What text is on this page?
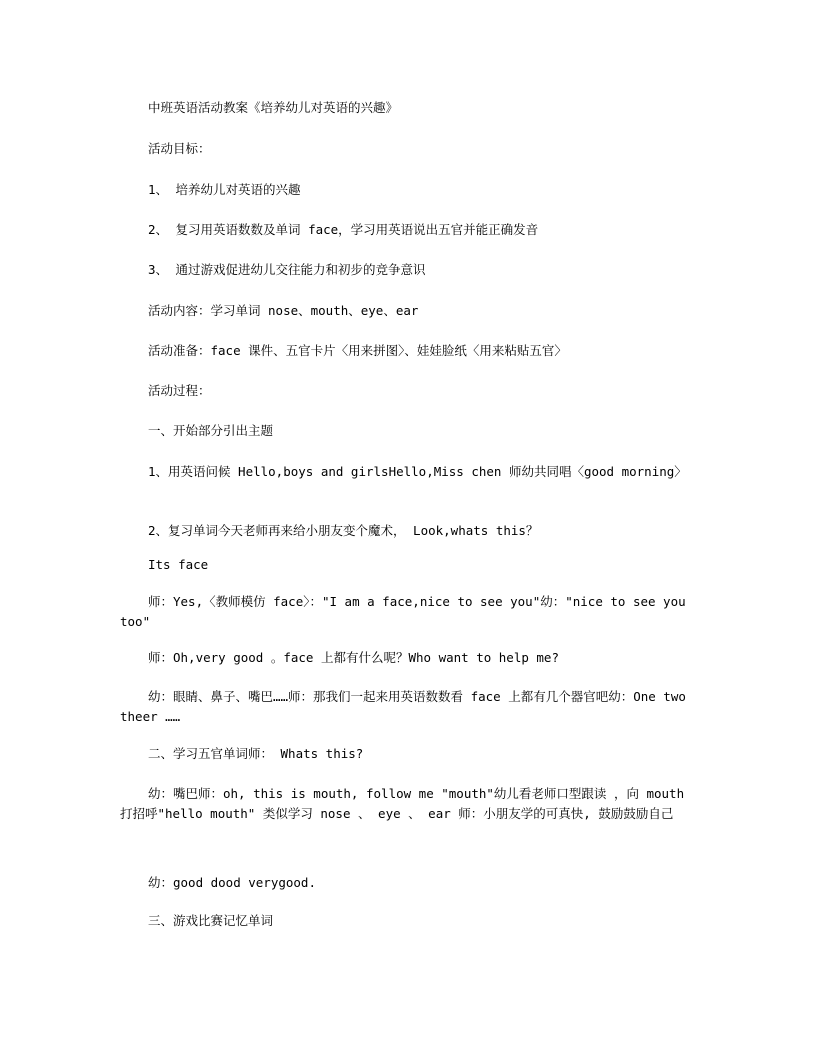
中班英语活动教案《培养幼儿对英语的兴趣》

活动目标：

1、 培养幼儿对英语的兴趣

2、 复习用英语数数及单词 face，学习用英语说出五官并能正确发音

3、 通过游戏促进幼儿交往能力和初步的竞争意识

活动内容：学习单词 nose、mouth、eye、ear

活动准备：face 课件、五官卡片〈用来拼图〉、娃娃脸纸〈用来粘贴五官〉

活动过程：

一、开始部分引出主题

1、用英语问候 Hello,boys and girlsHello,Miss chen 师幼共同唱〈good morning〉

2、复习单词今天老师再来给小朋友变个魔术， Look,whats this？

Its face

师：Yes,〈教师模仿 face〉："I am a face,nice to see you"幼："nice to see you too"

师：Oh,very good 。face 上都有什么呢？Who want to help me?

幼：眼睛、鼻子、嘴巴……师：那我们一起来用英语数数看 face 上都有几个器官吧幼：One two theer ……

二、学习五官单词师： Whats this?

幼：嘴巴师：oh, this is mouth, follow me "mouth"幼儿看老师口型跟读 ，向 mouth 打招呼"hello mouth" 类似学习 nose 、 eye 、 ear 师：小朋友学的可真快, 鼓励鼓励自己

幼：good dood verygood.

三、游戏比赛记忆单词
